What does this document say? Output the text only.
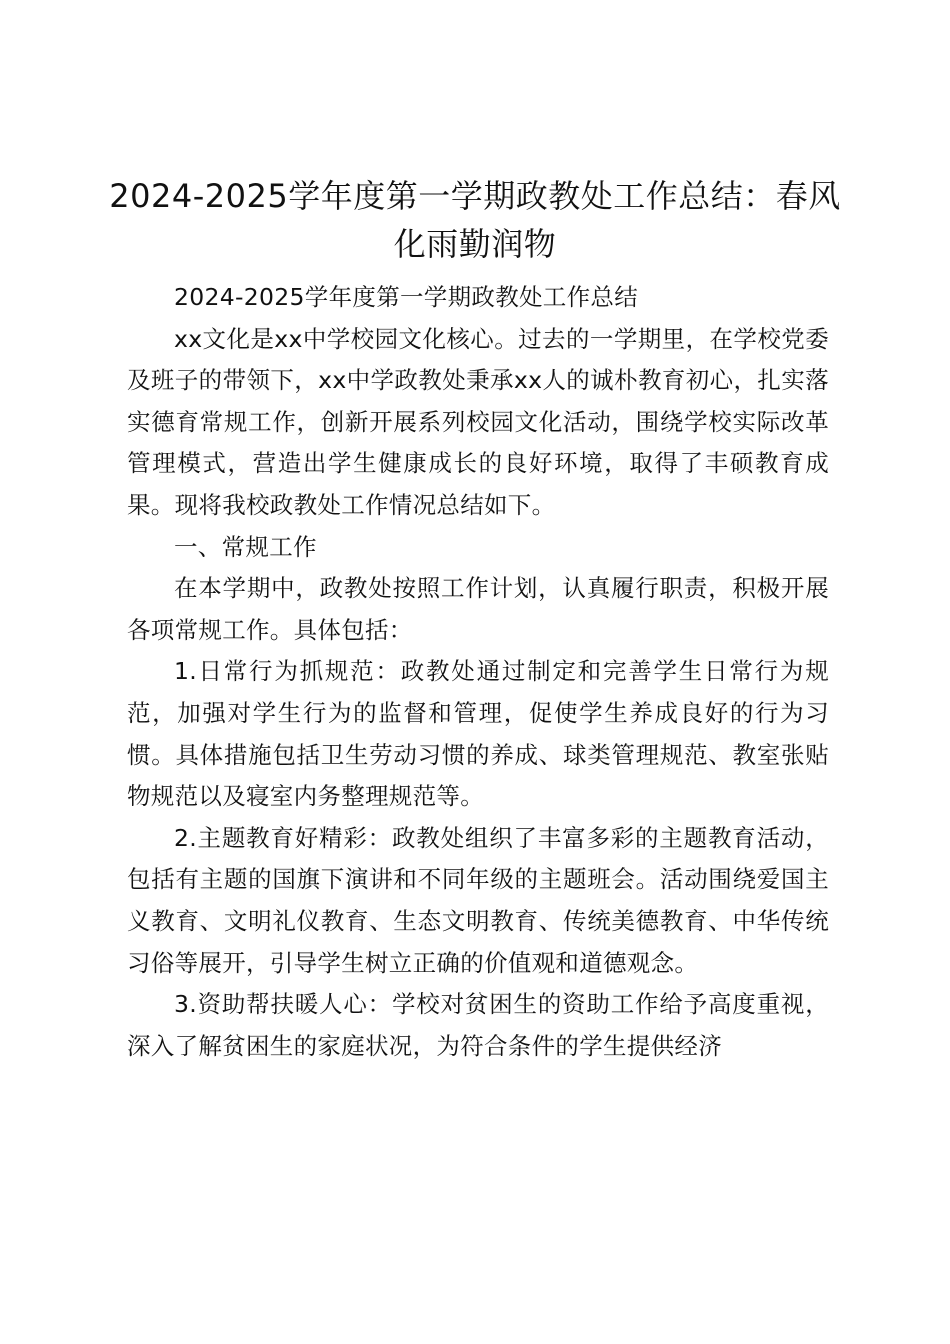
2024-2025学年度第一学期政教处工作总结：春风化雨勤润物

2024-2025学年度第一学期政教处工作总结

xx文化是xx中学校园文化核心。过去的一学期里，在学校党委及班子的带领下，xx中学政教处秉承xx人的诚朴教育初心，扎实落实德育常规工作，创新开展系列校园文化活动，围绕学校实际改革管理模式，营造出学生健康成长的良好环境，取得了丰硕教育成果。现将我校政教处工作情况总结如下。

一、常规工作

在本学期中，政教处按照工作计划，认真履行职责，积极开展各项常规工作。具体包括：

1.日常行为抓规范：政教处通过制定和完善学生日常行为规范，加强对学生行为的监督和管理，促使学生养成良好的行为习惯。具体措施包括卫生劳动习惯的养成、球类管理规范、教室张贴物规范以及寝室内务整理规范等。

2.主题教育好精彩：政教处组织了丰富多彩的主题教育活动，包括有主题的国旗下演讲和不同年级的主题班会。活动围绕爱国主义教育、文明礼仪教育、生态文明教育、传统美德教育、中华传统习俗等展开，引导学生树立正确的价值观和道德观念。

3.资助帮扶暖人心：学校对贫困生的资助工作给予高度重视，深入了解贫困生的家庭状况，为符合条件的学生提供经济
